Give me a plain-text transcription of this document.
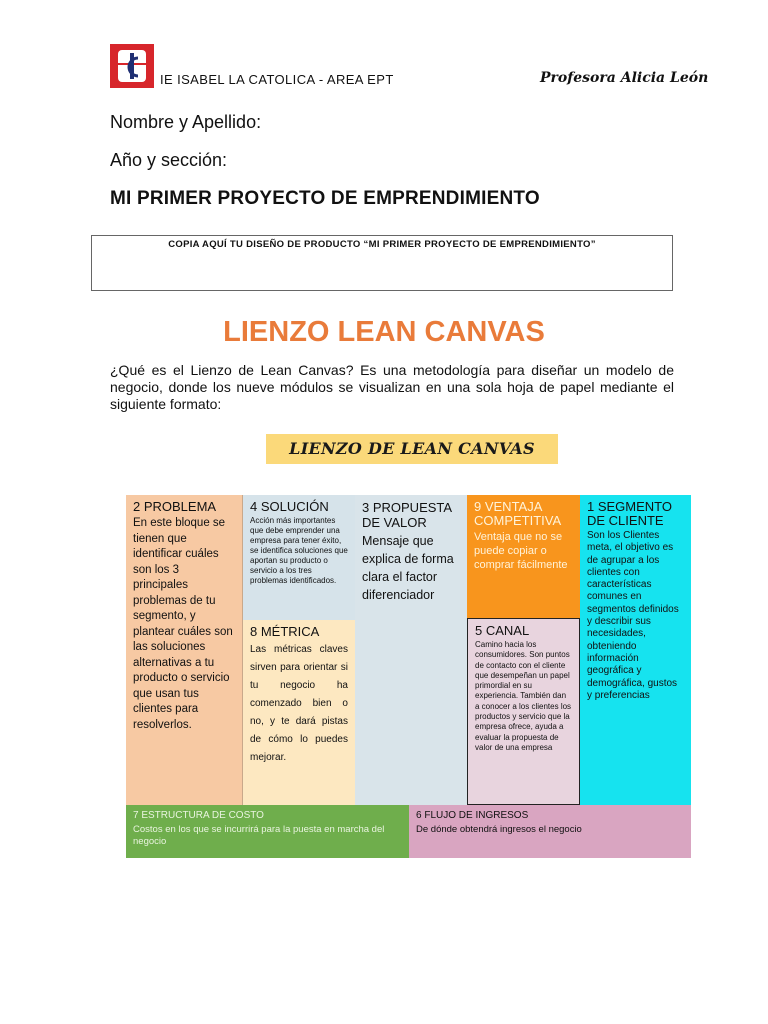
IE ISABEL LA CATOLICA - AREA EPT	Profesora Alicia León
Nombre y Apellido:
Año y sección:
MI PRIMER PROYECTO DE EMPRENDIMIENTO
COPIA AQUÍ TU DISEÑO DE PRODUCTO “MI PRIMER PROYECTO DE EMPRENDIMIENTO”
LIENZO LEAN CANVAS
¿Qué es el Lienzo de Lean Canvas? Es una metodología para diseñar un modelo de negocio, donde los nueve módulos se visualizan en una sola hoja de papel mediante el siguiente formato:
LIENZO DE LEAN CANVAS
2 PROBLEMA
En este bloque se tienen que identificar cuáles son los 3 principales problemas de tu segmento, y plantear cuáles son las soluciones alternativas a tu producto o servicio que usan tus clientes para resolverlos.
4 SOLUCIÓN
Acción más importantes que debe emprender una empresa para tener éxito, se identifica soluciones que aportan su producto o servicio a los tres problemas identificados.
8 MÉTRICA
Las métricas claves sirven para orientar si tu negocio ha comenzado bien o no, y te dará pistas de cómo lo puedes mejorar.
3 PROPUESTA DE VALOR
Mensaje que explica de forma clara el factor diferenciador
9 VENTAJA COMPETITIVA
Ventaja que no se puede copiar o comprar fácilmente
5 CANAL
Camino hacia los consumidores. Son puntos de contacto con el cliente que desempeñan un papel primordial en su experiencia. También dan a conocer a los clientes los productos y servicio que la empresa ofrece, ayuda a evaluar la propuesta de valor de una empresa
1 SEGMENTO DE CLIENTE
Son los Clientes meta, el objetivo es de agrupar a los clientes con características comunes en segmentos definidos y describir sus necesidades, obteniendo información geográfica y demográfica, gustos y preferencias
7 ESTRUCTURA DE COSTO
Costos en los que se incurrirá para la puesta en marcha del negocio
6 FLUJO DE INGRESOS
De dónde obtendrá ingresos el negocio
